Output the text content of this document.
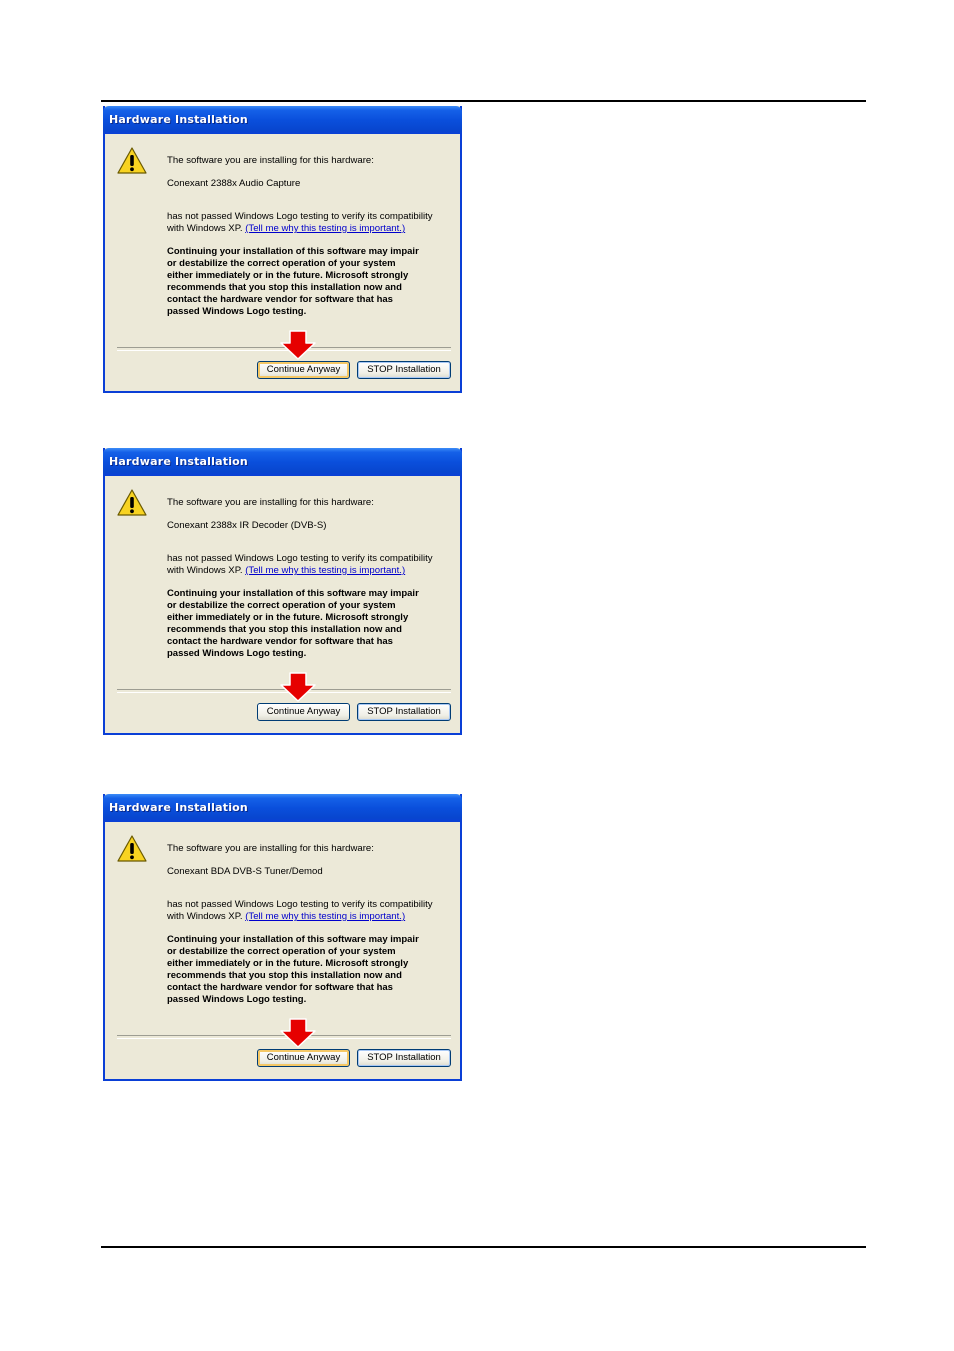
Hardware Installation
The software you are installing for this hardware:
Conexant 2388x Audio Capture
has not passed Windows Logo testing to verify its compatibility
with Windows XP. (Tell me why this testing is important.)
Continuing your installation of this software may impair
or destabilize the correct operation of your system
either immediately or in the future. Microsoft strongly
recommends that you stop this installation now and
contact the hardware vendor for software that has
passed Windows Logo testing.
Continue Anyway	STOP Installation
Hardware Installation
The software you are installing for this hardware:
Conexant 2388x IR Decoder (DVB-S)
has not passed Windows Logo testing to verify its compatibility
with Windows XP. (Tell me why this testing is important.)
Continuing your installation of this software may impair
or destabilize the correct operation of your system
either immediately or in the future. Microsoft strongly
recommends that you stop this installation now and
contact the hardware vendor for software that has
passed Windows Logo testing.
Continue Anyway	STOP Installation
Hardware Installation
The software you are installing for this hardware:
Conexant BDA DVB-S Tuner/Demod
has not passed Windows Logo testing to verify its compatibility
with Windows XP. (Tell me why this testing is important.)
Continuing your installation of this software may impair
or destabilize the correct operation of your system
either immediately or in the future. Microsoft strongly
recommends that you stop this installation now and
contact the hardware vendor for software that has
passed Windows Logo testing.
Continue Anyway	STOP Installation
